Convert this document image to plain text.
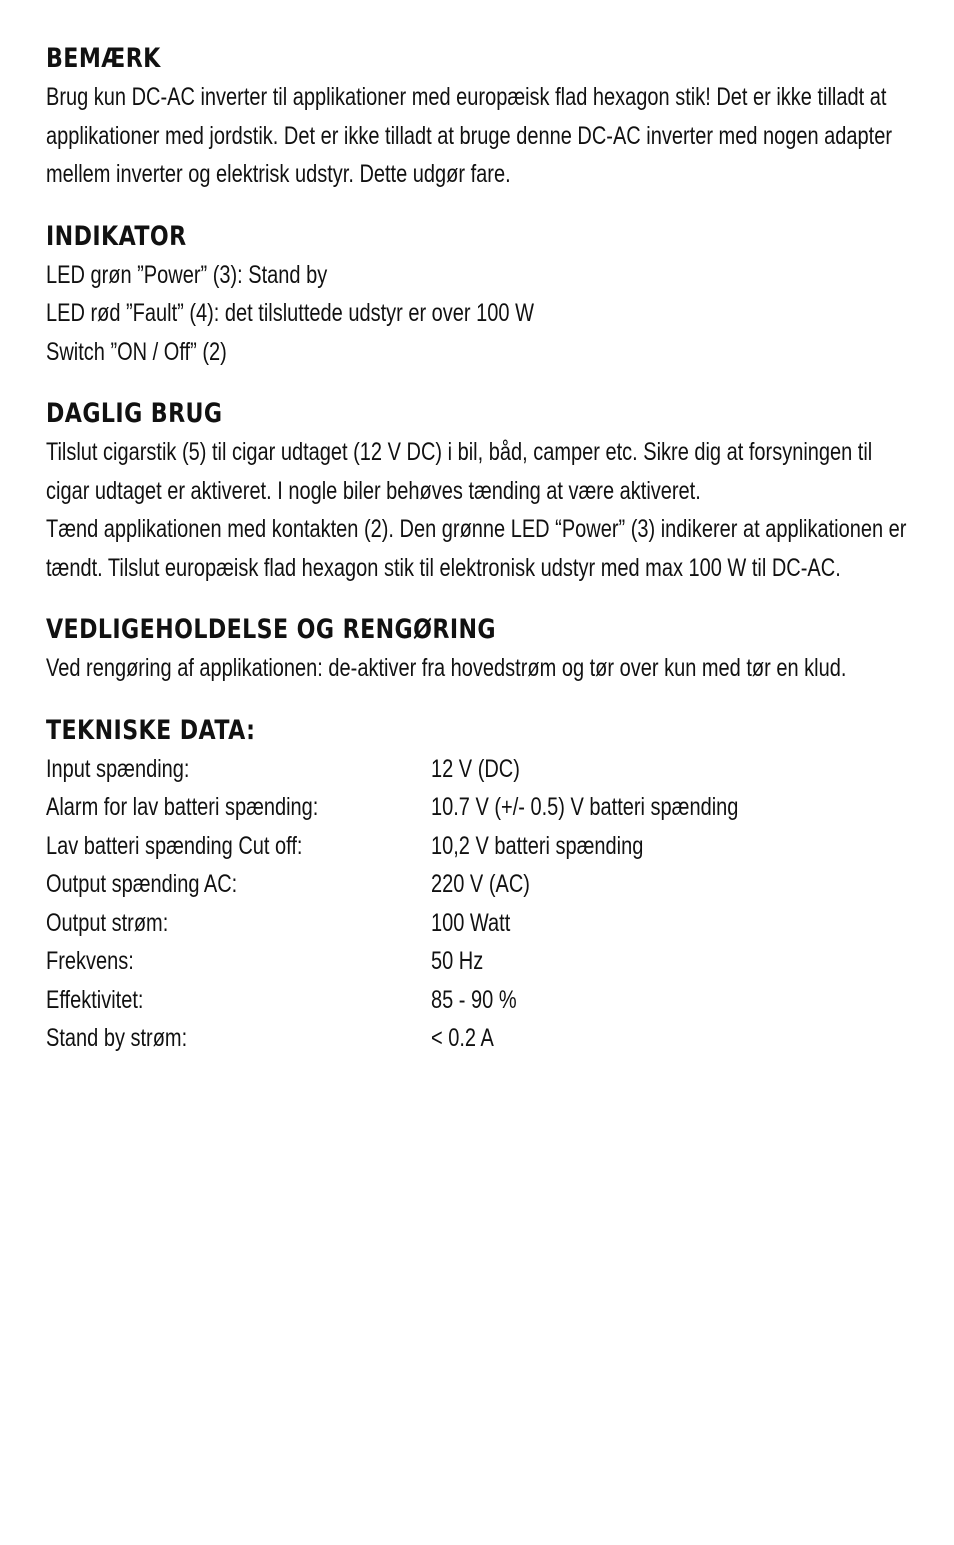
BEMÆRK

Brug kun DC-AC inverter til applikationer med europæisk flad hexagon stik! Det er ikke tilladt at applikationer med jordstik. Det er ikke tilladt at bruge denne DC-AC inverter med nogen adapter mellem inverter og elektrisk udstyr. Dette udgør fare.

INDIKATOR

LED grøn ”Power” (3): Stand by

LED rød ”Fault” (4): det tilsluttede udstyr er over 100 W

Switch ”ON / Off” (2)

DAGLIG BRUG

Tilslut cigarstik (5) til cigar udtaget (12 V DC) i bil, båd, camper etc. Sikre dig at forsyningen til cigar udtaget er aktiveret. I nogle biler behøves tænding at være aktiveret.

Tænd applikationen med kontakten (2). Den grønne LED “Power” (3) indikerer at applikationen er tændt. Tilslut europæisk flad hexagon stik til elektronisk udstyr med max 100 W til DC-AC.

VEDLIGEHOLDELSE OG RENGØRING

Ved rengøring af applikationen: de-aktiver fra hovedstrøm og tør over kun med tør en klud.

TEKNISKE DATA:
Input spænding:	12 V (DC)
Alarm for lav batteri spænding:	10.7 V (+/- 0.5) V batteri spænding
Lav batteri spænding Cut off:	10,2 V batteri spænding
Output spænding AC:	220 V (AC)
Output strøm:	100 Watt
Frekvens:	50 Hz
Effektivitet:	85 - 90 %
Stand by strøm:	< 0.2 A
